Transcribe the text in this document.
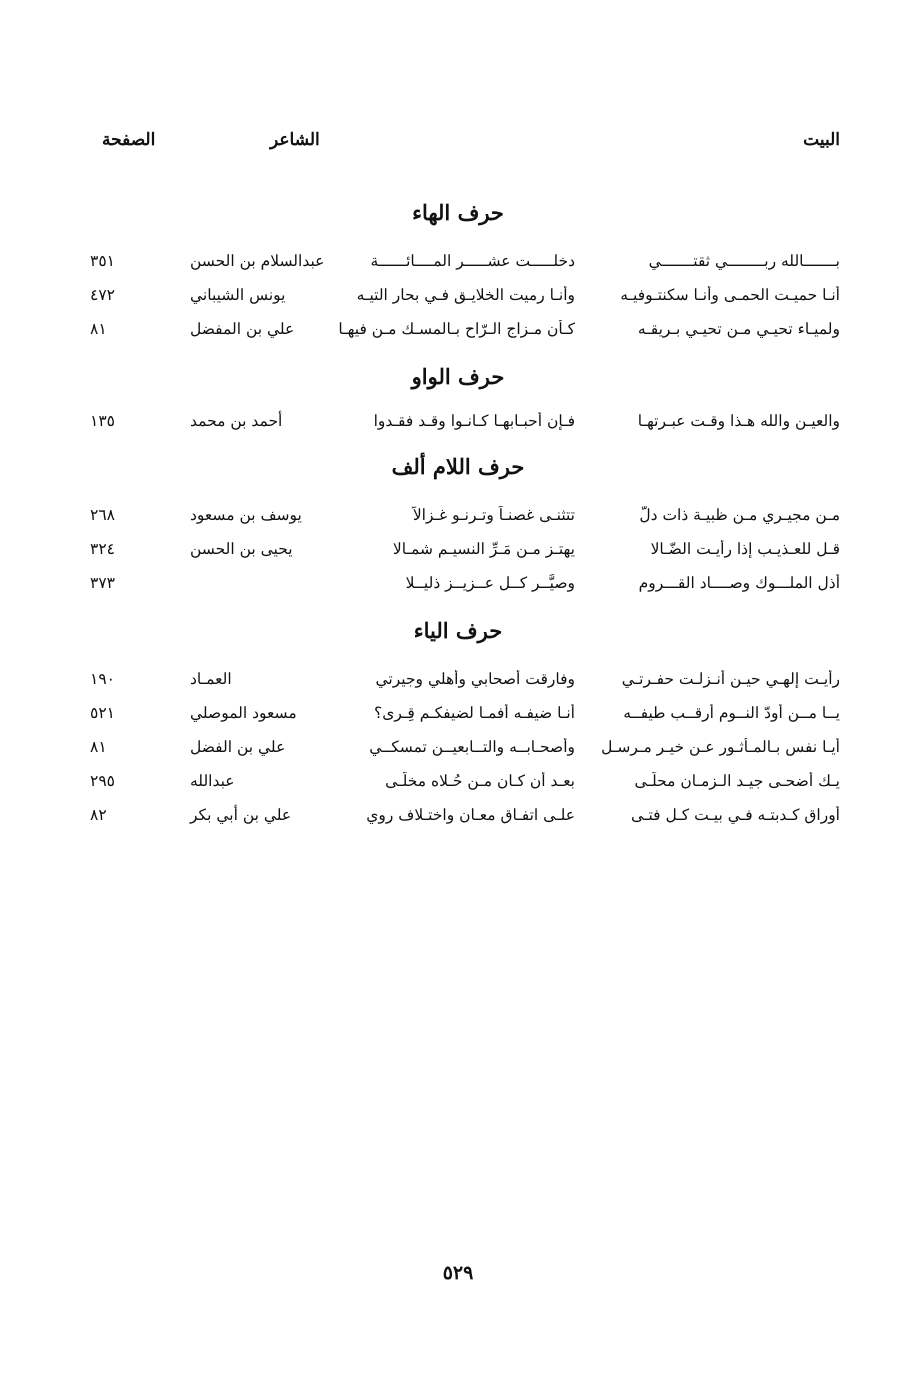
البيت
الشاعر
الصفحة
حرف الهاء
بـــــــالله ربــــــــي ثقتـــــــي
دخلـــــت عشـــــر المــــائــــــة
عبدالسلام بن الحسن
٣٥١
أنـا حميـت الحمـى وأنـا سكنتـوفيـه
وأنـا رميت الخلايـق فـي بحار التيـه
يونس الشيباني
٤٧٢
ولميـاء تحيـي مـن تحيـي بـريقـه
كـأن مـزاج الـرّاح بـالمسـك مـن فيهـا
علي بن المفضل
٨١
حرف الواو
والعيـن والله هـذا وقـت عبـرتهـا
فـإن أحبـابهـا كـانـوا وقـد فقـدوا
أحمد بن محمد
١٣٥
حرف اللام ألف
مـن مجيـري مـن ظبيـة ذات دلّ
تتثنـى غصنـاً وتـرنـو غـزالاً
يوسف بن مسعود
٢٦٨
قـل للعـذيـب إذا رأيـت الضّـالا
يهتـز مـن مَـرِّ النسيـم شمـالا
يحيى بن الحسن
٣٢٤
أذل الملـــوك وصــــاد القـــروم
وصيَّــر كــل عــزيــز ذليــلا
٣٧٣
حرف الياء
رأيـت إلهـي حيـن أنـزلـت حفـرتـي
وفارقت أصحابي وأهلي وجيرتي
العمـاد
١٩٠
يــا مــن أودّ النــوم أرقــب طيفــه
أنـا ضيفـه أفمـا لضيفكـم قِـرى؟
مسعود الموصلي
٥٢١
أيـا نفس بـالمـأثـور عـن خيـر مـرسـل
وأصحـابــه والتــابعيــن تمسكــي
علي بن الفضل
٨١
يـك أضحـى جيـد الـزمـان محلّـى
بعـد أن كـان مـن حُـلاه مخلّـى
عبدالله
٢٩٥
أوراق كـدبتـه فـي بيـت كـل فتـى
علـى اتفـاق معـان واختـلاف روي
علي بن أبي بكر
٨٢
٥٢٩
